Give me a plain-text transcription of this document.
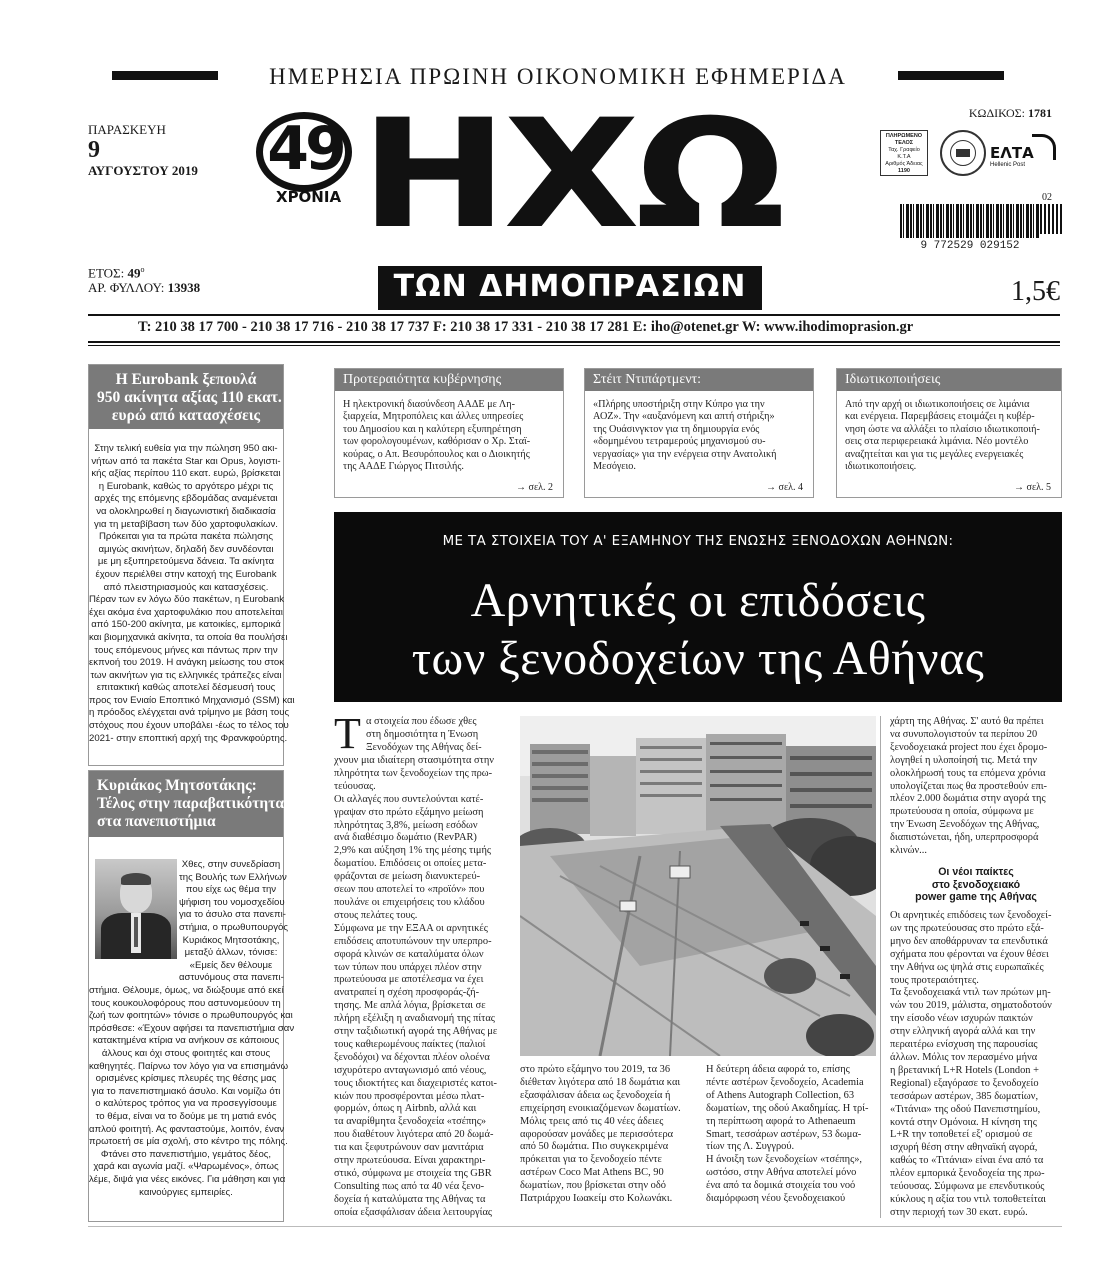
ΗΜΕΡΗΣΙΑ ΠΡΩΙΝΗ ΟΙΚΟΝΟΜΙΚΗ ΕΦΗΜΕΡΙΔΑ
ΠΑΡΑΣΚΕΥΗ
9
ΑΥΓΟΥΣΤΟΥ 2019	49
ΧΡΟΝΙΑ ΗΧΩ
ΤΩΝ ΔΗΜΟΠΡΑΣΙΩΝ
ΕΤΟΣ: $49^o$
ΑΡ. ΦΥΛΛΟΥ: 13938
ΚΩΔΙΚΟΣ: 1781
ΠΛΗΡΩΜΕΝΟ
ΤΕΛΟΣ
Ταχ. Γραφείο
Κ.Τ.Α
Αριθμός Άδειας
1190
ΕΛΤΑ
Hellenic Post
02
9 772529 029152
1,5€
Τ: 210 38 17 700 - 210 38 17 716 - 210 38 17 737 F: 210 38 17 331 - 210 38 17 281 E: iho@otenet.gr W: www.ihodimoprasion.gr
Η Eurobank ξεπουλά
950 ακίνητα αξίας 110 εκατ.
ευρώ από κατασχέσεις
Στην τελική ευθεία για την πώληση 950 ακι-
νήτων από τα πακέτα Star και Opus, λογιστι-
κής αξίας περίπου 110 εκατ. ευρώ, βρίσκεται
η Eurobank, καθώς το αργότερο μέχρι τις
αρχές της επόμενης εβδομάδας αναμένεται
να ολοκληρωθεί η διαγωνιστική διαδικασία
για τη μεταβίβαση των δύο χαρτοφυλακίων.
Πρόκειται για τα πρώτα πακέτα πώλησης
αμιγώς ακινήτων, δηλαδή δεν συνδέονται
με μη εξυπηρετούμενα δάνεια. Τα ακίνητα
έχουν περιέλθει στην κατοχή της Eurobank
από πλειστηριασμούς και κατασχέσεις.
Πέραν των εν λόγω δύο πακέτων, η Eurobank
έχει ακόμα ένα χαρτοφυλάκιο που αποτελείται
από 150-200 ακίνητα, με κατοικίες, εμπορικά
και βιομηχανικά ακίνητα, τα οποία θα πουλήσει
τους επόμενους μήνες και πάντως πριν την
εκπνοή του 2019. Η ανάγκη μείωσης του στοκ
των ακινήτων για τις ελληνικές τράπεζες είναι
επιτακτική καθώς αποτελεί δέσμευσή τους
προς τον Ενιαίο Εποπτικό Μηχανισμό (SSM) και
η πρόοδος ελέγχεται ανά τρίμηνο με βάση τους
στόχους που έχουν υποβάλει -έως το τέλος του
2021- στην εποπτική αρχή της Φρανκφούρτης.
Κυριάκος Μητσοτάκης:
Τέλος στην παραβατικότητα
στα πανεπιστήμια
Χθες, στην συνεδρίαση
της Βουλής των Ελλήνων
που είχε ως θέμα την
ψήφιση του νομοσχεδίου
για το άσυλο στα πανεπι-
στήμια, ο πρωθυπουργός
Κυριάκος Μητσοτάκης,
μεταξύ άλλων, τόνισε:
«Εμείς δεν θέλουμε
αστυνόμους στα πανεπι-
στήμια. Θέλουμε, όμως, να διώξουμε από εκεί
τους κουκουλοφόρους που αστυνομεύουν τη
ζωή των φοιτητών» τόνισε ο πρωθυπουργός και
πρόσθεσε: «Έχουν αφήσει τα πανεπιστήμια σαν
κατακτημένα κτίρια να ανήκουν σε κάποιους
άλλους και όχι στους φοιτητές και στους
καθηγητές. Παίρνω τον λόγο για να επισημάνω
ορισμένες κρίσιμες πλευρές της θέσης μας
για το πανεπιστημιακό άσυλο. Και νομίζω ότι
ο καλύτερος τρόπος για να προσεγγίσουμε
το θέμα, είναι να το δούμε με τη ματιά ενός
απλού φοιτητή. Ας φανταστούμε, λοιπόν, έναν
πρωτοετή σε μία σχολή, στο κέντρο της πόλης.
Φτάνει στο πανεπιστήμιο, γεμάτος δέος,
χαρά και αγωνία μαζί. «Ψαρωμένος», όπως
λέμε, διψά για νέες εικόνες. Για μάθηση και για
καινούργιες εμπειρίες.
Προτεραιότητα κυβέρνησης
Η ηλεκτρονική διασύνδεση ΑΑΔΕ με Λη-
ξιαρχεία, Μητροπόλεις και άλλες υπηρεσίες
του Δημοσίου και η καλύτερη εξυπηρέτηση
των φορολογουμένων, καθόρισαν ο Χρ. Σταϊ-
κούρας, ο Απ. Βεσυρόπουλος και ο Διοικητής
της ΑΑΔΕ Γιώργος Πιτσιλής.
→ σελ. 2
Στέιτ Ντιπάρτμεντ:
«Πλήρης υποστήριξη στην Κύπρο για την
ΑΟΖ». Την «αυξανόμενη και απτή στήριξη»
της Ουάσινγκτον για τη δημιουργία ενός
«δομημένου τετραμερούς μηχανισμού συ-
νεργασίας» για την ενέργεια στην Ανατολική
Μεσόγειο.
→ σελ. 4
Ιδιωτικοποιήσεις
Από την αρχή οι ιδιωτικοποιήσεις σε λιμάνια
και ενέργεια. Παρεμβάσεις ετοιμάζει η κυβέρ-
νηση ώστε να αλλάξει το πλαίσιο ιδιωτικοποιή-
σεις στα περιφερειακά λιμάνια. Νέο μοντέλο
αναζητείται και για τις μεγάλες ενεργειακές
ιδιωτικοποιήσεις.
→ σελ. 5
ΜΕ ΤΑ ΣΤΟΙΧΕΙΑ ΤΟΥ Α' ΕΞΑΜΗΝΟΥ ΤΗΣ ΕΝΩΣΗΣ ΞΕΝΟΔΟΧΩΝ ΑΘΗΝΩΝ:
Αρνητικές οι επιδόσεις
των ξενοδοχείων της Αθήνας
Τ α στοιχεία που έδωσε χθες
στη δημοσιότητα η Ένωση
Ξενοδόχων της Αθήνας δεί-
χνουν μια ιδιαίτερη στασιμότητα στην
πληρότητα των ξενοδοχείων της πρω-
τεύουσας.
Οι αλλαγές που συντελούνται κατέ-
γραψαν στο πρώτο εξάμηνο μείωση
πληρότητας 3,8%, μείωση εσόδων
ανά διαθέσιμο δωμάτιο (RevPAR)
2,9% και αύξηση 1% της μέσης τιμής
δωματίου. Επιδόσεις οι οποίες μετα-
φράζονται σε μείωση διανυκτερεύ-
σεων που αποτελεί το «προϊόν» που
πουλάνε οι επιχειρήσεις του κλάδου
στους πελάτες τους.
Σύμφωνα με την ΕΞΑΑ οι αρνητικές
επιδόσεις αποτυπώνουν την υπερπρο-
σφορά κλινών σε καταλύματα όλων
των τύπων που υπάρχει πλέον στην
πρωτεύουσα με αποτέλεσμα να έχει
ανατραπεί η σχέση προσφοράς-ζή-
τησης. Με απλά λόγια, βρίσκεται σε
πλήρη εξέλιξη η αναδιανομή της πίτας
στην ταξιδιωτική αγορά της Αθήνας με
τους καθιερωμένους παίκτες (παλιοί
ξενοδόχοι) να δέχονται πλέον ολοένα
ισχυρότερο ανταγωνισμό από νέους,
τους ιδιοκτήτες και διαχειριστές κατοι-
κιών που προσφέρονται μέσω πλατ-
φορμών, όπως η Airbnb, αλλά και
τα αναρίθμητα ξενοδοχεία «τσέπης»
που διαθέτουν λιγότερα από 20 δωμά-
τια και ξεφυτρώνουν σαν μανιτάρια
στην πρωτεύουσα. Είναι χαρακτηρι-
στικό, σύμφωνα με στοιχεία της GBR
Consulting πως από τα 40 νέα ξενο-
δοχεία ή καταλύματα της Αθήνας τα
οποία εξασφάλισαν άδεια λειτουργίας
στο πρώτο εξάμηνο του 2019, τα 36
διέθεταν λιγότερα από 18 δωμάτια και
εξασφάλισαν άδεια ως ξενοδοχεία ή
επιχείρηση ενοικιαζόμενων δωματίων.
Μόλις τρεις από τις 40 νέες άδειες
αφορούσαν μονάδες με περισσότερα
από 50 δωμάτια. Πιο συγκεκριμένα
πρόκειται για το ξενοδοχείο πέντε
αστέρων Coco Mat Athens BC, 90
δωματίων, που βρίσκεται στην οδό
Πατριάρχου Ιωακείμ στο Κολωνάκι.
Η δεύτερη άδεια αφορά το, επίσης
πέντε αστέρων ξενοδοχείο, Academia
of Athens Autograph Collection, 63
δωματίων, της οδού Ακαδημίας. Η τρί-
τη περίπτωση αφορά το Athenaeum
Smart, τεσσάρων αστέρων, 53 δωμα-
τίων της Λ. Συγγρού.
Η άνοιξη των ξενοδοχείων «τσέπης»,
ωστόσο, στην Αθήνα αποτελεί μόνο
ένα από τα δομικά στοιχεία του νοό
διαμόρφωση νέου ξενοδοχειακού
χάρτη της Αθήνας. Σ' αυτό θα πρέπει
να συνυπολογιστούν τα περίπου 20
ξενοδοχειακά project που έχει δρομο-
λογηθεί η υλοποίησή τις. Μετά την
ολοκλήρωσή τους τα επόμενα χρόνια
υπολογίζεται πως θα προστεθούν επι-
πλέον 2.000 δωμάτια στην αγορά της
πρωτεύουσα η οποία, σύμφωνα με
την Ένωση Ξενοδόχων της Αθήνας,
διαπιστώνεται, ήδη, υπερπροσφορά
κλινών...
Οι νέοι παίκτες
στο ξενοδοχειακό
power game της Αθήνας
Οι αρνητικές επιδόσεις των ξενοδοχεί-
ων της πρωτεύουσας στο πρώτο εξά-
μηνο δεν αποθάρρυναν τα επενδυτικά
σχήματα που φέρονται να έχουν θέσει
την Αθήνα ως ψηλά στις ευρωπαϊκές
τους προτεραιότητες.
Τα ξενοδοχειακά ντιλ των πρώτων μη-
νών του 2019, μάλιστα, σηματοδοτούν
την είσοδο νέων ισχυρών παικτών
στην ελληνική αγορά αλλά και την
περαιτέρω ενίσχυση της παρουσίας
άλλων. Μόλις τον περασμένο μήνα
η βρετανική L+R Hotels (London +
Regional) εξαγόρασε το ξενοδοχείο
τεσσάρων αστέρων, 385 δωματίων,
«Τιτάνια» της οδού Πανεπιστημίου,
κοντά στην Ομόνοια. Η κίνηση της
L+R την τοποθετεί εξ' ορισμού σε
ισχυρή θέση στην αθηναϊκή αγορά,
καθώς το «Τιτάνια» είναι ένα από τα
πλέον εμπορικά ξενοδοχεία της πρω-
τεύουσας. Σύμφωνα με επενδυτικούς
κύκλους η αξία του ντιλ τοποθετείται
στην περιοχή των 30 εκατ. ευρώ.
